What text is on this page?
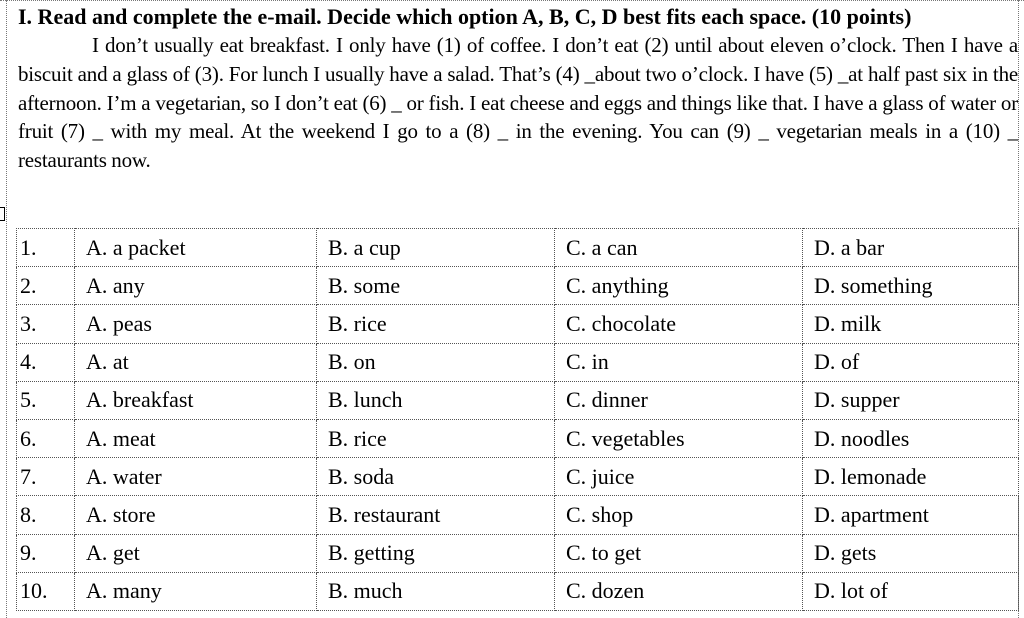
I. Read and complete the e-mail. Decide which option A, B, C, D best fits each space. (10 points)

I don’t usually eat breakfast. I only have (1) of coffee. I don’t eat (2) until about eleven o’clock. Then I have a biscuit and a glass of (3). For lunch I usually have a salad. That’s (4) _about two o’clock. I have (5) _at half past six in the afternoon. I’m a vegetarian, so I don’t eat (6) _ or fish. I eat cheese and eggs and things like that. I have a glass of water or fruit (7) _ with my meal. At the weekend I go to a (8) _ in the evening. You can (9) _ vegetarian meals in a (10) _ restaurants now.

1.	A. a packet	B. a cup	C. a can	D. a bar
2.	A. any	B. some	C. anything	D. something
3.	A. peas	B. rice	C. chocolate	D. milk
4.	A. at	B. on	C. in	D. of
5.	A. breakfast	B. lunch	C. dinner	D. supper
6.	A. meat	B. rice	C. vegetables	D. noodles
7.	A. water	B. soda	C. juice	D. lemonade
8.	A. store	B. restaurant	C. shop	D. apartment
9.	A. get	B. getting	C. to get	D. gets
10.	A. many	B. much	C. dozen	D. lot of
